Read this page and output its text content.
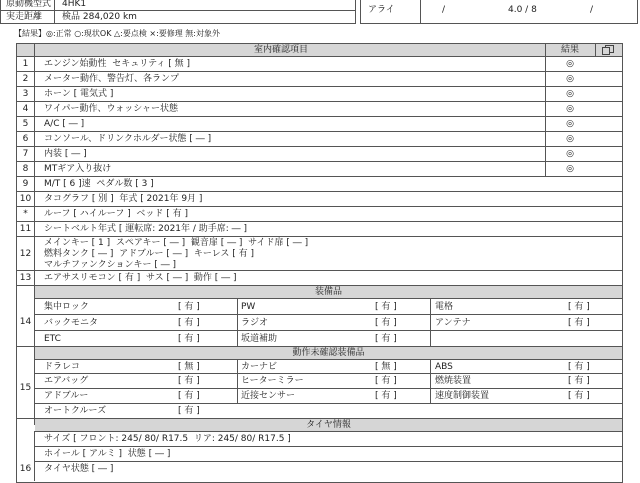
原動機型式 4HK1
実走距離 検品 284,020 km
アライ	/	4.0 / 8	/
【結果】◎:正常 ○:現状OK △:要点検 ×:要修理 無:対象外
室内確認項目	結果
1	エンジン始動性  セキュリティ [ 無 ]	◎
2	メーター動作、警告灯、各ランプ	◎
3	ホーン [ 電気式 ]	◎
4	ワイパー動作、ウォッシャー状態	◎
5	A/C [ ― ]	◎
6	コンソール、ドリンクホルダー状態 [ ― ]	◎
7	内装 [ ― ]	◎
8	MTギア入り抜け	◎
9	M/T [ 6 ]速  ペダル数 [ 3 ]
10	タコグラフ [ 別 ]  年式 [ 2021年 9月 ]
*	ルーフ [ ハイルーフ ]  ベッド [ 有 ]
11	シートベルト年式 [ 運転席: 2021年 / 助手席: ― ]
12
メインキー [ 1 ]  スペアキー [ ― ]  観音扉 [ ― ]  サイド扉 [ ― ]
燃料タンク [ ― ]  アドブルー [ ― ]  キーレス [ 有 ]
マルチファンクションキー [ ― ]
13	エアサスリモコン [ 有 ]  サス [ ― ]  動作 [ ― ]
装備品
14
集中ロック	[ 有 ]	PW	[ 有 ]	電格	[ 有 ]
バックモニタ	[ 有 ]	ラジオ	[ 有 ]	アンテナ	[ 有 ]
ETC	[ 有 ]	坂道補助	[ 有 ]
動作未確認装備品
15
ドラレコ	[ 無 ]	カーナビ	[ 無 ]	ABS	[ 有 ]
エアバッグ	[ 有 ]	ヒーターミラー	[ 有 ]	燃焼装置	[ 有 ]
アドブルー	[ 有 ]	近接センサー	[ 有 ]	速度制御装置	[ 有 ]
オートクルーズ	[ 有 ]
タイヤ情報
16
サイズ [ フロント: 245/ 80/ R17.5  リア: 245/ 80/ R17.5 ]
ホイール [ アルミ ]  状態 [ ― ]
タイヤ状態 [ ― ]
